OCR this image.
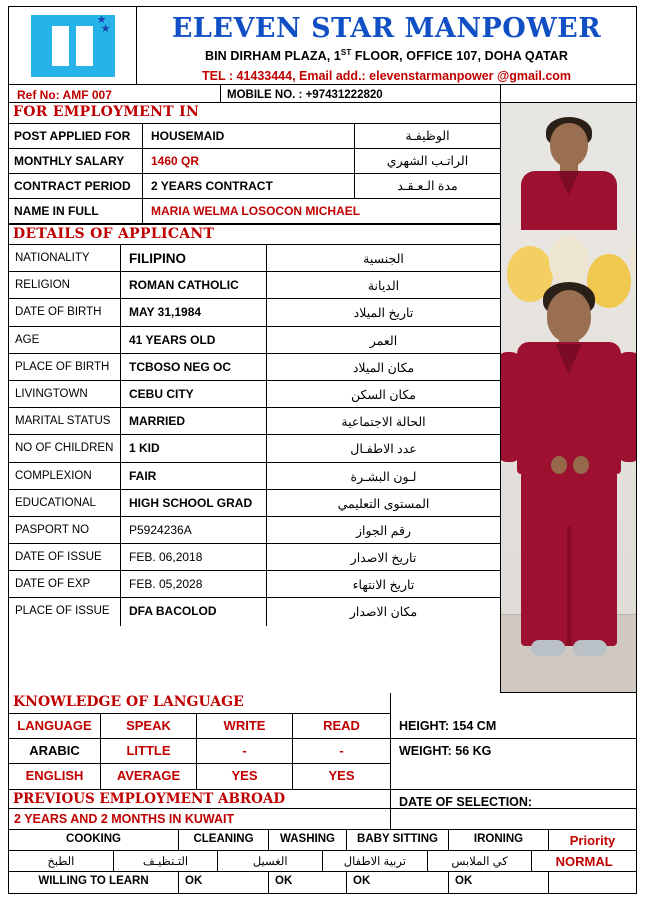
★
★	ELEVEN STAR MANPOWER
BIN DIRHAM PLAZA, 1ST FLOOR, OFFICE 107, DOHA QATAR
TEL : 41433444, Email add.: elevenstarmanpower @gmail.com
Ref No: AMF 007	MOBILE NO. : +97431222820
FOR EMPLOYMENT IN
POST APPLIED FOR	HOUSEMAID	الوظيفـة
MONTHLY SALARY	1460 QR	الراتـب الشهري
CONTRACT PERIOD	2 YEARS CONTRACT	مدة الـعـقـد
NAME IN FULL	MARIA WELMA LOSOCON MICHAEL
DETAILS OF APPLICANT
NATIONALITY	FILIPINO	الجنسية
RELIGION	ROMAN CATHOLIC	الديانة
DATE OF BIRTH	MAY 31,1984	تاريخ الميلاد
AGE	41 YEARS OLD	العمر
PLACE OF BIRTH	TCBOSO NEG OC	مكان الميلاد
LIVINGTOWN	CEBU CITY	مكان السكن
MARITAL STATUS	MARRIED	الحالة الاجتماعية
NO OF CHILDREN	1 KID	عدد الاطفـال
COMPLEXION	FAIR	لـون البشـرة
EDUCATIONAL	HIGH SCHOOL GRAD	المستوى التعليمي
PASPORT NO	P5924236A	رقم الجواز
DATE OF ISSUE	FEB. 06,2018	تاريخ الاصدار
DATE OF EXP	FEB. 05,2028	تاريخ الانتهاء
PLACE OF ISSUE	DFA BACOLOD	مكان الاصدار
KNOWLEDGE OF LANGUAGE
LANGUAGE	SPEAK	WRITE	READ
ARABIC	LITTLE	-	-
ENGLISH	AVERAGE	YES	YES
HEIGHT: 154 CM
WEIGHT: 56 KG
PREVIOUS EMPLOYMENT ABROAD
2 YEARS AND 2 MONTHS IN KUWAIT
DATE OF SELECTION:
COOKING	CLEANING	WASHING	BABY SITTING	IRONING	Priority
الطبخ	التـنظيـف	الغسيل	تربية الاطفال	كي الملابس	NORMAL
WILLING TO LEARN	OK	OK	OK	OK
